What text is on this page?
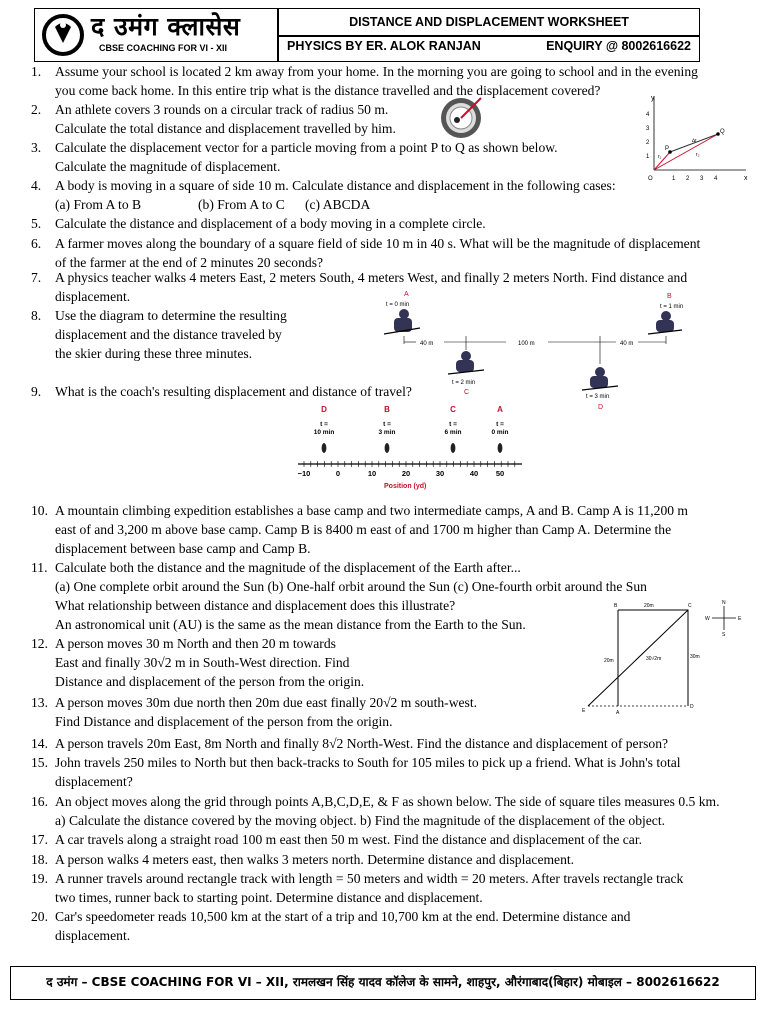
द उमंग क्लासेस
CBSE COACHING FOR VI - XII
DISTANCE AND DISPLACEMENT WORKSHEET
PHYSICS BY ER. ALOK RANJAN	ENQUIRY @ 8002616622
1. Assume your school is located 2 km away from your home. In the morning you are going to school and in the evening
you come back home. In this entire trip what is the distance travelled and the displacement covered?
2. An athlete covers 3 rounds on a circular track of radius 50 m.
Calculate the total distance and displacement travelled by him.
3. Calculate the displacement vector for a particle moving from a point P to Q as shown below.
Calculate the magnitude of displacement.
4. A body is moving in a square of side 10 m. Calculate distance and displacement in the following cases:
(a) From A to B	(b) From A to C (c) ABCDA
5. Calculate the distance and displacement of a body moving in a complete circle.
6. A farmer moves along the boundary of a square field of side 10 m in 40 s. What will be the magnitude of displacement
of the farmer at the end of 2 minutes 20 seconds?
7. A physics teacher walks 4 meters East, 2 meters South, 4 meters West, and finally 2 meters North. Find distance and
displacement.
8. Use the diagram to determine the resulting
displacement and the distance traveled by
the skier during these three minutes.
9. What is the coach's resulting displacement and distance of travel?
10. A mountain climbing expedition establishes a base camp and two intermediate camps, A and B. Camp A is 11,200 m
east of and 3,200 m above base camp. Camp B is 8400 m east of and 1700 m higher than Camp A. Determine the
displacement between base camp and Camp B.
11. Calculate both the distance and the magnitude of the displacement of the Earth after...
(a) One complete orbit around the Sun (b) One-half orbit around the Sun (c) One-fourth orbit around the Sun
What relationship between distance and displacement does this illustrate?
An astronomical unit (AU) is the same as the mean distance from the Earth to the Sun.
12. A person moves 30 m North and then 20 m towards
East and finally 30√2 m in South-West direction. Find
Distance and displacement of the person from the origin.
13. A person moves 30m due north then 20m due east finally 20√2 m south-west.
Find Distance and displacement of the person from the origin.
14. A person travels 20m East, 8m North and finally 8√2 North-West. Find the distance and displacement of person?
15. John travels 250 miles to North but then back-tracks to South for 105 miles to pick up a friend. What is John's total
displacement?
16. An object moves along the grid through points A,B,C,D,E, & F as shown below. The side of square tiles measures 0.5 km.
a) Calculate the distance covered by the moving object. b) Find the magnitude of the displacement of the object.
17. A car travels along a straight road 100 m east then 50 m west. Find the distance and displacement of the car.
18. A person walks 4 meters east, then walks 3 meters north. Determine distance and displacement.
19. A runner travels around rectangle track with length = 50 meters and width = 20 meters. After travels rectangle track
two times, runner back to starting point. Determine distance and displacement.
20. Car's speedometer reads 10,500 km at the start of a trip and 10,700 km at the end. Determine distance and
displacement.
y
x
1 2 3 4
1
2
3
4
P
Q
∆r
r₁	r₂
O
A
t = 0 min
B
t = 1 min
40 m	100 m	40 m
t = 2 min
C
t = 3 min
D
D
t =
10 min
B
t =
3 min
C
t =
6 min
A
t =
0 min
−10	0	10	20	30	40 50
Position (yd)
B	C
D
E	A
20m
20m	30√2m	30m
N
E
S
W
द उमंग – CBSE COACHING FOR VI – XII, रामलखन सिंह यादव कॉलेज के सामने, शाहपुर, औरंगाबाद(बिहार) मोबाइल – 8002616622
